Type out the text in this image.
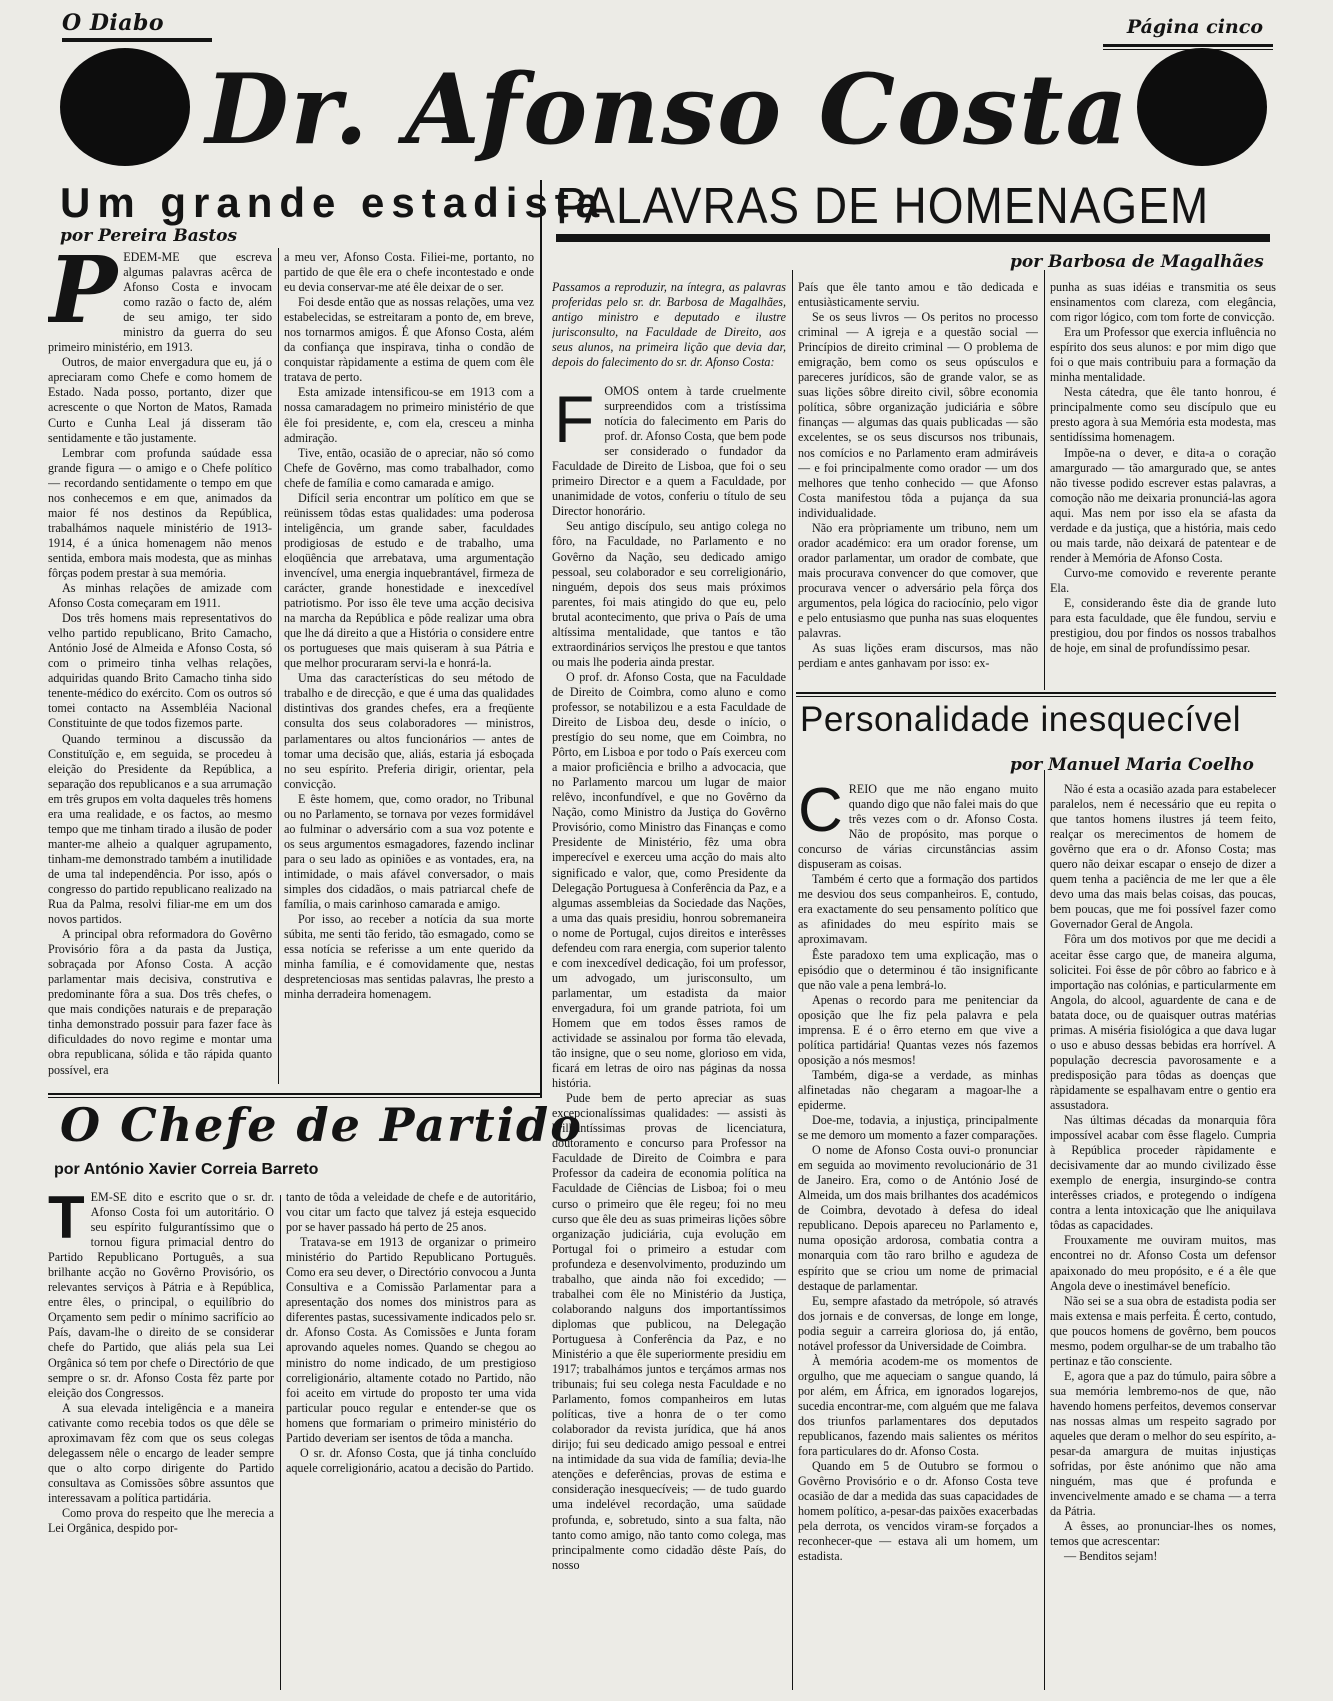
O Diabo	Página cinco
Dr. Afonso Costa
Um grande estadista
por Pereira Bastos
P EDEM-ME que escreva algumas palavras acêrca de Afonso Costa e invocam como razão o facto de, além de seu amigo, ter sido ministro da guerra do seu primeiro ministério, em 1913.

Outros, de maior envergadura que eu, já o apreciaram como Chefe e como homem de Estado. Nada posso, portanto, dizer que acrescente o que Norton de Matos, Ramada Curto e Cunha Leal já disseram tão sentidamente e tão justamente.

Lembrar com profunda saúdade essa grande figura — o amigo e o Chefe político — recordando sentidamente o tempo em que nos conhecemos e em que, animados da maior fé nos destinos da República, trabalhámos naquele ministério de 1913-1914, é a única homenagem não menos sentida, embora mais modesta, que as minhas fôrças podem prestar à sua memória.

As minhas relações de amizade com Afonso Costa começaram em 1911.

Dos três homens mais representativos do velho partido republicano, Brito Camacho, António José de Almeida e Afonso Costa, só com o primeiro tinha velhas relações, adquiridas quando Brito Camacho tinha sido tenente-médico do exército. Com os outros só tomei contacto na Assembléia Nacional Constituinte de que todos fizemos parte.

Quando terminou a discussão da Constituïção e, em seguida, se procedeu à eleição do Presidente da República, a separação dos republicanos e a sua arrumação em três grupos em volta daqueles três homens era uma realidade, e os factos, ao mesmo tempo que me tinham tirado a ilusão de poder manter-me alheio a qualquer agrupamento, tinham-me demonstrado também a inutilidade de uma tal independência. Por isso, após o congresso do partido republicano realizado na Rua da Palma, resolvi filiar-me em um dos novos partidos.

A principal obra reformadora do Govêrno Provisório fôra a da pasta da Justiça, sobraçada por Afonso Costa. A acção parlamentar mais decisiva, construtiva e predominante fôra a sua. Dos três chefes, o que mais condições naturais e de preparação tinha demonstrado possuir para fazer face às dificuldades do novo regime e montar uma obra republicana, sólida e tão rápida quanto possível, era

a meu ver, Afonso Costa. Filiei-me, portanto, no partido de que êle era o chefe incontestado e onde eu devia conservar-me até êle deixar de o ser.

Foi desde então que as nossas relações, uma vez estabelecidas, se estreitaram a ponto de, em breve, nos tornarmos amigos. É que Afonso Costa, além da confiança que inspirava, tinha o condão de conquistar ràpidamente a estima de quem com êle tratava de perto.

Esta amizade intensificou-se em 1913 com a nossa camaradagem no primeiro ministério de que êle foi presidente, e, com ela, cresceu a minha admiração.

Tive, então, ocasião de o apreciar, não só como Chefe de Govêrno, mas como trabalhador, como chefe de família e como camarada e amigo.

Difícil seria encontrar um político em que se reünissem tôdas estas qualidades: uma poderosa inteligência, um grande saber, faculdades prodigiosas de estudo e de trabalho, uma eloqüência que arrebatava, uma argumentação invencível, uma energia inquebrantável, firmeza de carácter, grande honestidade e inexcedível patriotismo. Por isso êle teve uma acção decisiva na marcha da República e pôde realizar uma obra que lhe dá direito a que a História o considere entre os portugueses que mais quiseram à sua Pátria e que melhor procuraram servi-la e honrá-la.

Uma das características do seu método de trabalho e de direcção, e que é uma das qualidades distintivas dos grandes chefes, era a freqüente consulta dos seus colaboradores — ministros, parlamentares ou altos funcionários — antes de tomar uma decisão que, aliás, estaria já esboçada no seu espírito. Preferia dirigir, orientar, pela convicção.

E êste homem, que, como orador, no Tribunal ou no Parlamento, se tornava por vezes formidável ao fulminar o adversário com a sua voz potente e os seus argumentos esmagadores, fazendo inclinar para o seu lado as opiniões e as vontades, era, na intimidade, o mais afável conversador, o mais simples dos cidadãos, o mais patriarcal chefe de família, o mais carinhoso camarada e amigo.

Por isso, ao receber a notícia da sua morte súbita, me senti tão ferido, tão esmagado, como se essa notícia se referisse a um ente querido da minha família, e é comovidamente que, nestas despretenciosas mas sentidas palavras, lhe presto a minha derradeira homenagem.

PALAVRAS DE HOMENAGEM
por Barbosa de Magalhães

Passamos a reproduzir, na íntegra, as palavras proferidas pelo sr. dr. Barbosa de Magalhães, antigo ministro e deputado e ilustre jurisconsulto, na Faculdade de Direito, aos seus alunos, na primeira lição que devia dar, depois do falecimento do sr. dr. Afonso Costa:

F OMOS ontem à tarde cruelmente surpreendidos com a tristíssima notícia do falecimento em Paris do prof. dr. Afonso Costa, que bem pode ser considerado o fundador da Faculdade de Direito de Lisboa, que foi o seu primeiro Director e a quem a Faculdade, por unanimidade de votos, conferiu o título de seu Director honorário.

Seu antigo discípulo, seu antigo colega no fôro, na Faculdade, no Parlamento e no Govêrno da Nação, seu dedicado amigo pessoal, seu colaborador e seu correligionário, ninguém, depois dos seus mais próximos parentes, foi mais atingido do que eu, pelo brutal acontecimento, que priva o País de uma altíssima mentalidade, que tantos e tão extraordinários serviços lhe prestou e que tantos ou mais lhe poderia ainda prestar.

O prof. dr. Afonso Costa, que na Faculdade de Direito de Coimbra, como aluno e como professor, se notabilizou e a esta Faculdade de Direito de Lisboa deu, desde o início, o prestígio do seu nome, que em Coimbra, no Pôrto, em Lisboa e por todo o País exerceu com a maior proficiência e brilho a advocacia, que no Parlamento marcou um lugar de maior relêvo, inconfundível, e que no Govêrno da Nação, como Ministro da Justiça do Govêrno Provisório, como Ministro das Finanças e como Presidente de Ministério, fêz uma obra imperecível e exerceu uma acção do mais alto significado e valor, que, como Presidente da Delegação Portuguesa à Conferência da Paz, e a algumas assembleias da Sociedade das Nações, a uma das quais presidiu, honrou sobremaneira o nome de Portugal, cujos direitos e interêsses defendeu com rara energia, com superior talento e com inexcedível dedicação, foi um professor, um advogado, um jurisconsulto, um parlamentar, um estadista da maior envergadura, foi um grande patriota, foi um Homem que em todos êsses ramos de actividade se assinalou por forma tão elevada, tão insigne, que o seu nome, glorioso em vida, ficará em letras de oiro nas páginas da nossa história.

Pude bem de perto apreciar as suas excepcionalíssimas qualidades: — assisti às brilhantíssimas provas de licenciatura, doutoramento e concurso para Professor na Faculdade de Direito de Coimbra e para Professor da cadeira de economia política na Faculdade de Ciências de Lisboa; foi o meu curso o primeiro que êle regeu; foi no meu curso que êle deu as suas primeiras lições sôbre organização judiciária, cuja evolução em Portugal foi o primeiro a estudar com profundeza e desenvolvimento, produzindo um trabalho, que ainda não foi excedido; — trabalhei com êle no Ministério da Justiça, colaborando nalguns dos importantíssimos diplomas que publicou, na Delegação Portuguesa à Conferência da Paz, e no Ministério a que êle superiormente presidiu em 1917; trabalhámos juntos e terçámos armas nos tribunais; fui seu colega nesta Faculdade e no Parlamento, fomos companheiros em lutas políticas, tive a honra de o ter como colaborador da revista jurídica, que há anos dirijo; fui seu dedicado amigo pessoal e entrei na intimidade da sua vida de família; devia-lhe atenções e deferências, provas de estima e consideração inesquecíveis; — de tudo guardo uma indelével recordação, uma saüdade profunda, e, sobretudo, sinto a sua falta, não tanto como amigo, não tanto como colega, mas principalmente como cidadão dêste País, do nosso

País que êle tanto amou e tão dedicada e entusiàsticamente serviu.

Se os seus livros — Os peritos no processo criminal — A igreja e a questão social — Princípios de direito criminal — O problema de emigração, bem como os seus opúsculos e pareceres jurídicos, são de grande valor, se as suas lições sôbre direito civil, sôbre economia política, sôbre organização judiciária e sôbre finanças — algumas das quais publicadas — são excelentes, se os seus discursos nos tribunais, nos comícios e no Parlamento eram admiráveis — e foi principalmente como orador — um dos melhores que tenho conhecido — que Afonso Costa manifestou tôda a pujança da sua individualidade.

Não era pròpriamente um tribuno, nem um orador académico: era um orador forense, um orador parlamentar, um orador de combate, que mais procurava convencer do que comover, que procurava vencer o adversário pela fôrça dos argumentos, pela lógica do raciocínio, pelo vigor e pelo entusiasmo que punha nas suas eloquentes palavras.

As suas lições eram discursos, mas não perdiam e antes ganhavam por isso: ex-

punha as suas idéias e transmitia os seus ensinamentos com clareza, com elegância, com rigor lógico, com tom forte de convicção.

Era um Professor que exercia influência no espírito dos seus alunos: e por mim digo que foi o que mais contribuiu para a formação da minha mentalidade.

Nesta cátedra, que êle tanto honrou, é principalmente como seu discípulo que eu presto agora à sua Memória esta modesta, mas sentidíssima homenagem.

Impõe-na o dever, e dita-a o coração amargurado — tão amargurado que, se antes não tivesse podido escrever estas palavras, a comoção não me deixaria pronunciá-las agora aqui. Mas nem por isso ela se afasta da verdade e da justiça, que a história, mais cedo ou mais tarde, não deixará de patentear e de render à Memória de Afonso Costa.

Curvo-me comovido e reverente perante Ela.

E, considerando êste dia de grande luto para esta faculdade, que êle fundou, serviu e prestigiou, dou por findos os nossos trabalhos de hoje, em sinal de profundíssimo pesar.

Personalidade inesquecível
por Manuel Maria Coelho
C REIO que me não engano muito quando digo que não falei mais do que três vezes com o dr. Afonso Costa. Não de propósito, mas porque o concurso de várias circunstâncias assim dispuseram as coisas.

Também é certo que a formação dos partidos me desviou dos seus companheiros. E, contudo, era exactamente do seu pensamento político que as afinidades do meu espírito mais se aproximavam.

Êste paradoxo tem uma explicação, mas o episódio que o determinou é tão insignificante que não vale a pena lembrá-lo.

Apenas o recordo para me penitenciar da oposição que lhe fiz pela palavra e pela imprensa. E é o êrro eterno em que vive a política partidária! Quantas vezes nós fazemos oposição a nós mesmos!

Também, diga-se a verdade, as minhas alfinetadas não chegaram a magoar-lhe a epiderme.

Doe-me, todavia, a injustiça, principalmente se me demoro um momento a fazer comparações.

O nome de Afonso Costa ouvi-o pronunciar em seguida ao movimento revolucionário de 31 de Janeiro. Era, como o de António José de Almeida, um dos mais brilhantes dos académicos de Coimbra, devotado à defesa do ideal republicano. Depois apareceu no Parlamento e, numa oposição ardorosa, combatia contra a monarquia com tão raro brilho e agudeza de espírito que se criou um nome de primacial destaque de parlamentar.

Eu, sempre afastado da metrópole, só através dos jornais e de conversas, de longe em longe, podia seguir a carreira gloriosa do, já então, notável professor da Universidade de Coimbra.

À memória acodem-me os momentos de orgulho, que me aqueciam o sangue quando, lá por além, em África, em ignorados logarejos, sucedia encontrar-me, com alguém que me falava dos triunfos parlamentares dos deputados republicanos, fazendo mais salientes os méritos fora particulares do dr. Afonso Costa.

Quando em 5 de Outubro se formou o Govêrno Provisório e o dr. Afonso Costa teve ocasião de dar a medida das suas capacidades de homem político, a-pesar-das paixões exacerbadas pela derrota, os vencidos viram-se forçados a reconhecer-que — estava ali um homem, um estadista.

Não é esta a ocasião azada para estabelecer paralelos, nem é necessário que eu repita o que tantos homens ilustres já teem feito, realçar os merecimentos de homem de govêrno que era o dr. Afonso Costa; mas quero não deixar escapar o ensejo de dizer a quem tenha a paciência de me ler que a êle devo uma das mais belas coisas, das poucas, bem poucas, que me foi possível fazer como Governador Geral de Angola.

Fôra um dos motivos por que me decidi a aceitar êsse cargo que, de maneira alguma, solicitei. Foi êsse de pôr côbro ao fabrico e à importação nas colónias, e particularmente em Angola, do alcool, aguardente de cana e de batata doce, ou de quaisquer outras matérias primas. A miséria fisiológica a que dava lugar o uso e abuso dessas bebidas era horrível. A população decrescia pavorosamente e a predisposição para tôdas as doenças que ràpidamente se espalhavam entre o gentio era assustadora.

Nas últimas décadas da monarquia fôra impossível acabar com êsse flagelo. Cumpria à República proceder ràpidamente e decisivamente dar ao mundo civilizado êsse exemplo de energia, insurgindo-se contra interêsses criados, e protegendo o indígena contra a lenta intoxicação que lhe aniquilava tôdas as capacidades.

Frouxamente me ouviram muitos, mas encontrei no dr. Afonso Costa um defensor apaixonado do meu propósito, e é a êle que Angola deve o inestimável benefício.

Não sei se a sua obra de estadista podia ser mais extensa e mais perfeita. É certo, contudo, que poucos homens de govêrno, bem poucos mesmo, podem orgulhar-se de um trabalho tão pertinaz e tão consciente.

E, agora que a paz do túmulo, paira sôbre a sua memória lembremo-nos de que, não havendo homens perfeitos, devemos conservar nas nossas almas um respeito sagrado por aqueles que deram o melhor do seu espírito, a-pesar-da amargura de muitas injustiças sofridas, por êste anónimo que não ama ninguém, mas que é profunda e invencivelmente amado e se chama — a terra da Pátria.

A êsses, ao pronunciar-lhes os nomes, temos que acrescentar:

— Benditos sejam!

O Chefe de Partido
por António Xavier Correia Barreto
T EM-SE dito e escrito que o sr. dr. Afonso Costa foi um autoritário. O seu espírito fulgurantíssimo que o tornou figura primacial dentro do Partido Republicano Português, a sua brilhante acção no Govêrno Provisório, os relevantes serviços à Pátria e à República, entre êles, o principal, o equilíbrio do Orçamento sem pedir o mínimo sacrifício ao País, davam-lhe o direito de se considerar chefe do Partido, que aliás pela sua Lei Orgânica só tem por chefe o Directório de que sempre o sr. dr. Afonso Costa fêz parte por eleição dos Congressos.

A sua elevada inteligência e a maneira cativante como recebia todos os que dêle se aproximavam fêz com que os seus colegas delegassem nêle o encargo de leader sempre que o alto corpo dirigente do Partido consultava as Comissões sôbre assuntos que interessavam a política partidária.

Como prova do respeito que lhe merecia a Lei Orgânica, despido por-

tanto de tôda a veleidade de chefe e de autoritário, vou citar um facto que talvez já esteja esquecido por se haver passado há perto de 25 anos.

Tratava-se em 1913 de organizar o primeiro ministério do Partido Republicano Português. Como era seu dever, o Directório convocou a Junta Consultiva e a Comissão Parlamentar para a apresentação dos nomes dos ministros para as diferentes pastas, sucessivamente indicados pelo sr. dr. Afonso Costa. As Comissões e Junta foram aprovando aqueles nomes. Quando se chegou ao ministro do nome indicado, de um prestigioso correligionário, altamente cotado no Partido, não foi aceito em virtude do proposto ter uma vida particular pouco regular e entender-se que os homens que formariam o primeiro ministério do Partido deveriam ser isentos de tôda a mancha.

O sr. dr. Afonso Costa, que já tinha concluído aquele correligionário, acatou a decisão do Partido.
